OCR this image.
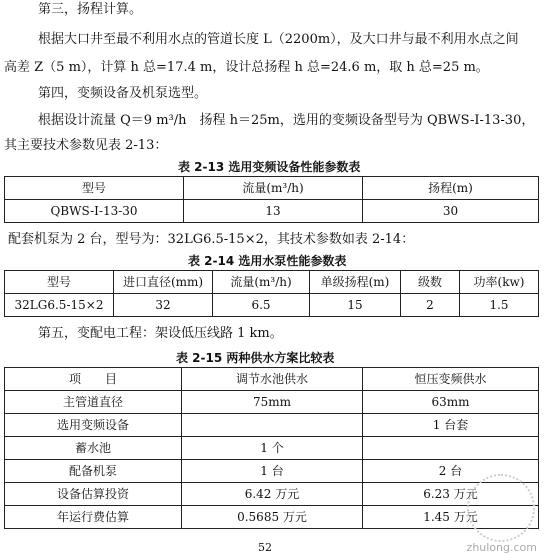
第三，扬程计算。
根据大口井至最不利用水点的管道长度 L（2200m），及大口井与最不利用水点之间
高差 Z（5 m），计算 h 总=17.4 m，设计总扬程 h 总=24.6 m，取 h 总=25 m。
第四，变频设备及机泵选型。
根据设计流量 Q＝9 m³/h　扬程 h＝25m，选用的变频设备型号为 QBWS-I-13-30，
其主要技术参数见表 2-13：
表 2-13 选用变频设备性能参数表
型号	流量(m³/h)	扬程(m)
QBWS-I-13-30	13	30
配套机泵为 2 台，型号为：32LG6.5-15×2，其技术参数如表 2-14：
表 2-14 选用水泵性能参数表
型号	进口直径(mm)	流量(m³/h)	单级扬程(m)	级数	功率(kw)
32LG6.5-15×2	32	6.5	15	2	1.5
第五，变配电工程：架设低压线路 1 km。
表 2-15 两种供水方案比较表
项　　目	调节水池供水	恒压变频供水
主管道直径	75mm	63mm
选用变频设备		1 台套
蓄水池	1 个	
配备机泵	1 台	2 台
设备估算投资	6.42 万元	6.23 万元
年运行费估算	0.5685 万元	1.45 万元
zhulong.com
52
